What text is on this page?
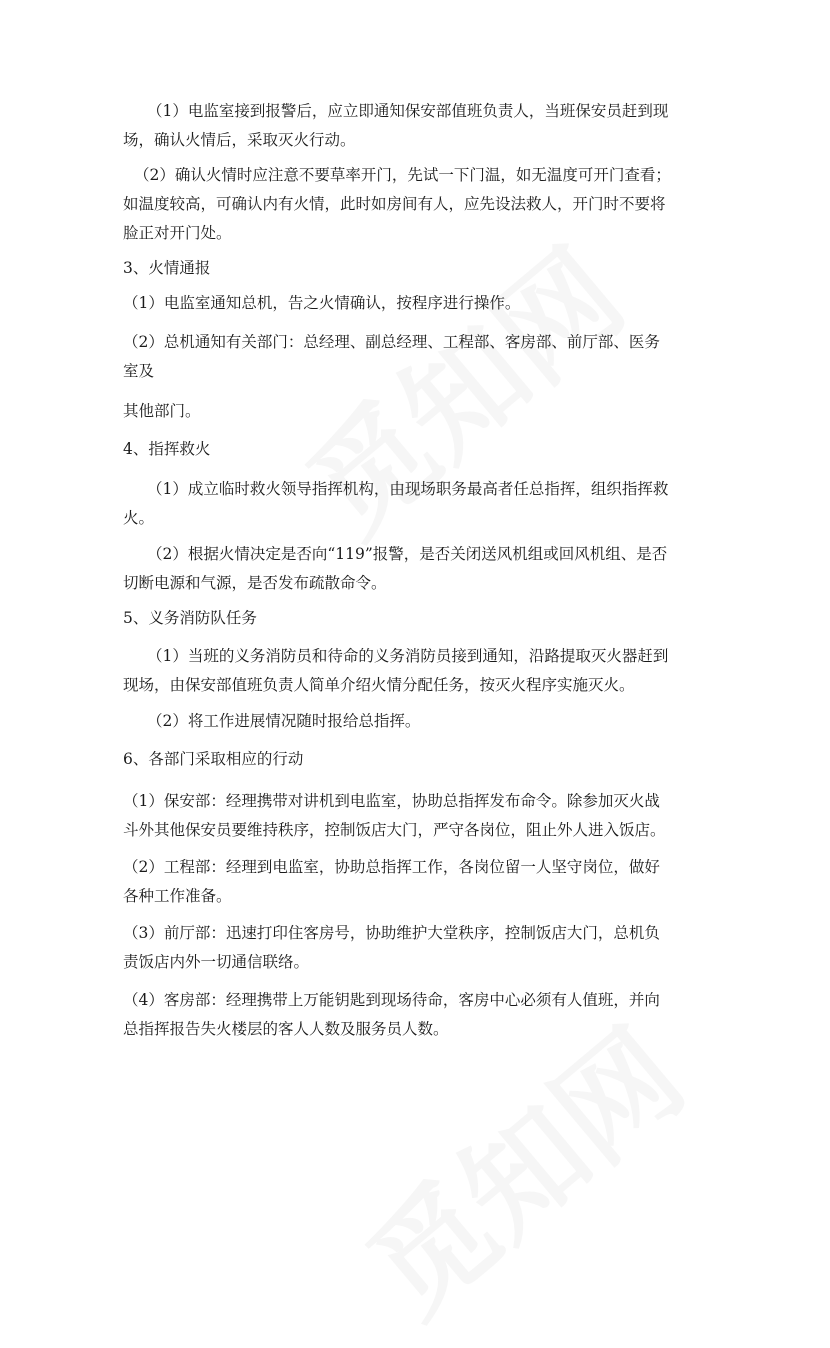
（1）电监室接到报警后，应立即通知保安部值班负责人，当班保安员赶到现

场，确认火情后，采取灭火行动。

（2）确认火情时应注意不要草率开门，先试一下门温，如无温度可开门查看；

如温度较高，可确认内有火情，此时如房间有人，应先设法救人，开门时不要将

脸正对开门处。

3、火情通报

（1）电监室通知总机，告之火情确认，按程序进行操作。

（2）总机通知有关部门：总经理、副总经理、工程部、客房部、前厅部、医务

室及

其他部门。

4、指挥救火

（1）成立临时救火领导指挥机构，由现场职务最高者任总指挥，组织指挥救

火。

（2）根据火情决定是否向“119”报警，是否关闭送风机组或回风机组、是否

切断电源和气源，是否发布疏散命令。

5、义务消防队任务

（1）当班的义务消防员和待命的义务消防员接到通知，沿路提取灭火器赶到

现场，由保安部值班负责人简单介绍火情分配任务，按灭火程序实施灭火。

（2）将工作进展情况随时报给总指挥。

6、各部门采取相应的行动

（1）保安部：经理携带对讲机到电监室，协助总指挥发布命令。除参加灭火战

斗外其他保安员要维持秩序，控制饭店大门，严守各岗位，阻止外人进入饭店。

（2）工程部：经理到电监室，协助总指挥工作，各岗位留一人坚守岗位，做好

各种工作准备。

（3）前厅部：迅速打印住客房号，协助维护大堂秩序，控制饭店大门，总机负

责饭店内外一切通信联络。

（4）客房部：经理携带上万能钥匙到现场待命，客房中心必须有人值班，并向

总指挥报告失火楼层的客人人数及服务员人数。
